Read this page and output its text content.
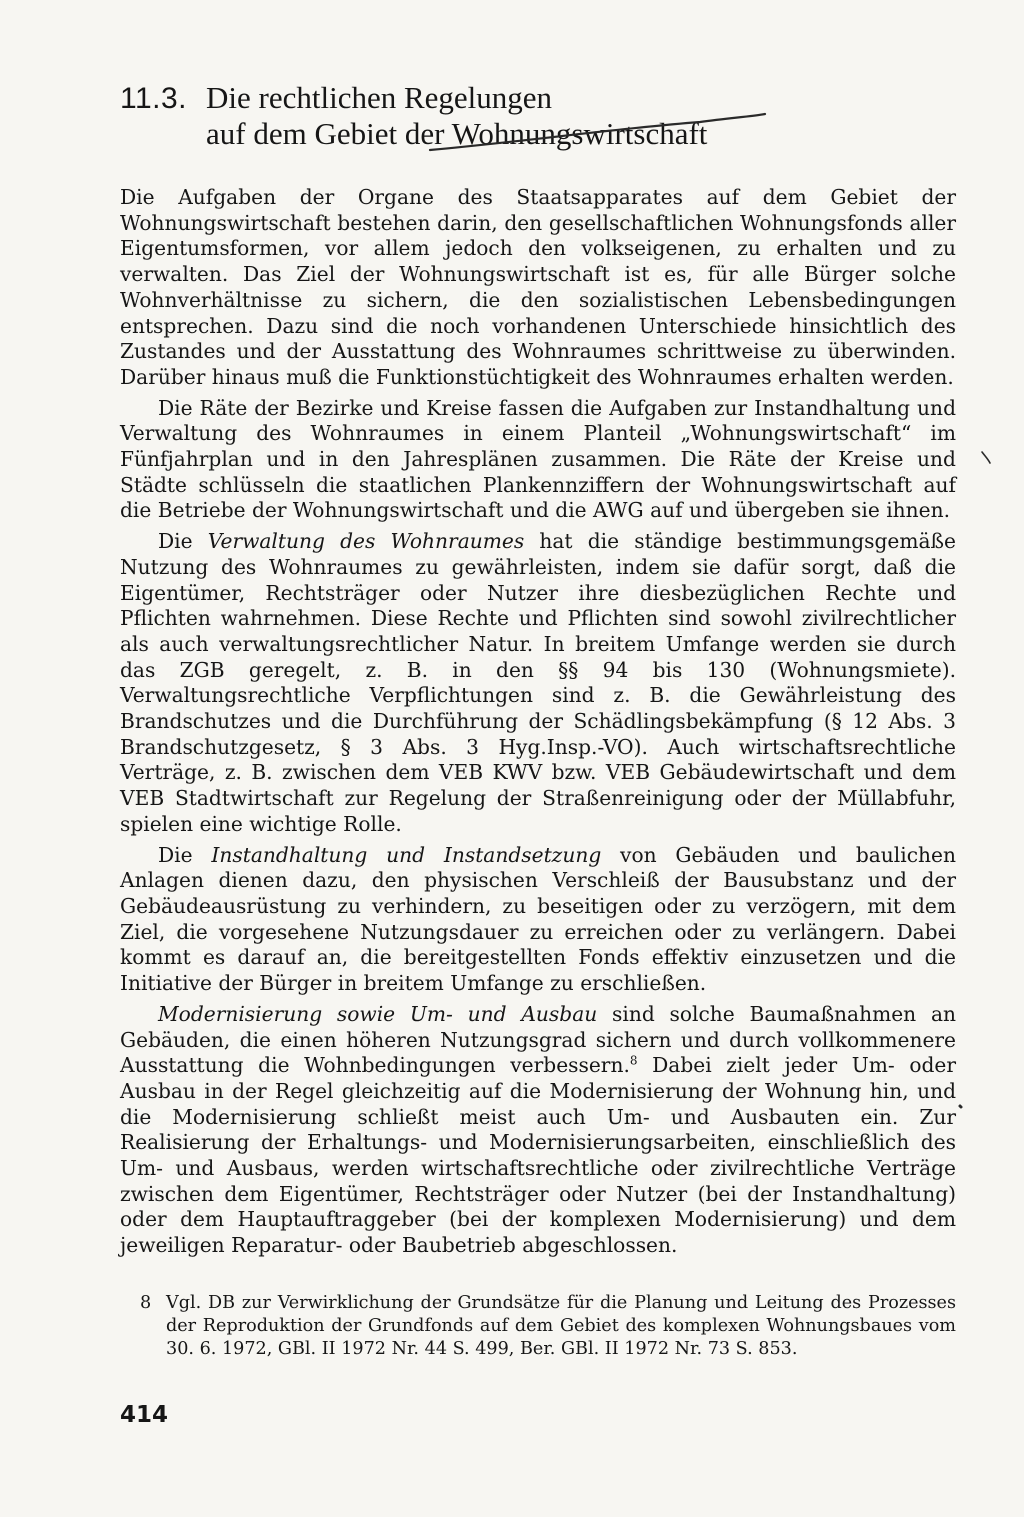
11.3. Die rechtlichen Regelungen
auf dem Gebiet der Wohnungswirtschaft

Die Aufgaben der Organe des Staatsapparates auf dem Gebiet der Wohnungswirtschaft bestehen darin, den gesellschaftlichen Wohnungsfonds aller Eigentumsformen, vor allem jedoch den volkseigenen, zu erhalten und zu verwalten. Das Ziel der Wohnungswirtschaft ist es, für alle Bürger solche Wohnverhältnisse zu sichern, die den sozialistischen Lebensbedingungen entsprechen. Dazu sind die noch vorhandenen Unterschiede hinsichtlich des Zustandes und der Ausstattung des Wohnraumes schrittweise zu überwinden. Darüber hinaus muß die Funktionstüchtigkeit des Wohnraumes erhalten werden.

Die Räte der Bezirke und Kreise fassen die Aufgaben zur Instandhaltung und Verwaltung des Wohnraumes in einem Planteil „Wohnungswirtschaft“ im Fünfjahrplan und in den Jahresplänen zusammen. Die Räte der Kreise und Städte schlüsseln die staatlichen Plankennziffern der Wohnungswirtschaft auf die Betriebe der Wohnungswirtschaft und die AWG auf und übergeben sie ihnen.

Die Verwaltung des Wohnraumes hat die ständige bestimmungsgemäße Nutzung des Wohnraumes zu gewährleisten, indem sie dafür sorgt, daß die Eigentümer, Rechtsträger oder Nutzer ihre diesbezüglichen Rechte und Pflichten wahrnehmen. Diese Rechte und Pflichten sind sowohl zivilrechtlicher als auch verwaltungsrechtlicher Natur. In breitem Umfange werden sie durch das ZGB geregelt, z. B. in den §§ 94 bis 130 (Wohnungsmiete). Verwaltungsrechtliche Verpflichtungen sind z. B. die Gewährleistung des Brandschutzes und die Durchführung der Schädlingsbekämpfung (§ 12 Abs. 3 Brandschutzgesetz, § 3 Abs. 3 Hyg.Insp.-VO). Auch wirtschaftsrechtliche Verträge, z. B. zwischen dem VEB KWV bzw. VEB Gebäudewirtschaft und dem VEB Stadtwirtschaft zur Regelung der Straßenreinigung oder der Müllabfuhr, spielen eine wichtige Rolle.

Die Instandhaltung und Instandsetzung von Gebäuden und baulichen Anlagen dienen dazu, den physischen Verschleiß der Bausubstanz und der Gebäudeausrüstung zu verhindern, zu beseitigen oder zu verzögern, mit dem Ziel, die vorgesehene Nutzungsdauer zu erreichen oder zu verlängern. Dabei kommt es darauf an, die bereitgestellten Fonds effektiv einzusetzen und die Initiative der Bürger in breitem Umfange zu erschließen.

Modernisierung sowie Um- und Ausbau sind solche Baumaßnahmen an Gebäuden, die einen höheren Nutzungsgrad sichern und durch vollkommenere Ausstattung die Wohnbedingungen verbessern.$^8$ Dabei zielt jeder Um- oder Ausbau in der Regel gleichzeitig auf die Modernisierung der Wohnung hin, und die Modernisierung schließt meist auch Um- und Ausbauten ein. Zur Realisierung der Erhaltungs- und Modernisierungsarbeiten, einschließlich des Um- und Ausbaus, werden wirtschaftsrechtliche oder zivilrechtliche Verträge zwischen dem Eigentümer, Rechtsträger oder Nutzer (bei der Instandhaltung) oder dem Hauptauftraggeber (bei der komplexen Modernisierung) und dem jeweiligen Reparatur- oder Baubetrieb abgeschlossen.

8 Vgl. DB zur Verwirklichung der Grundsätze für die Planung und Leitung des Prozesses der Reproduktion der Grundfonds auf dem Gebiet des komplexen Wohnungsbaues vom 30. 6. 1972, GBl. II 1972 Nr. 44 S. 499, Ber. GBl. II 1972 Nr. 73 S. 853.
414
